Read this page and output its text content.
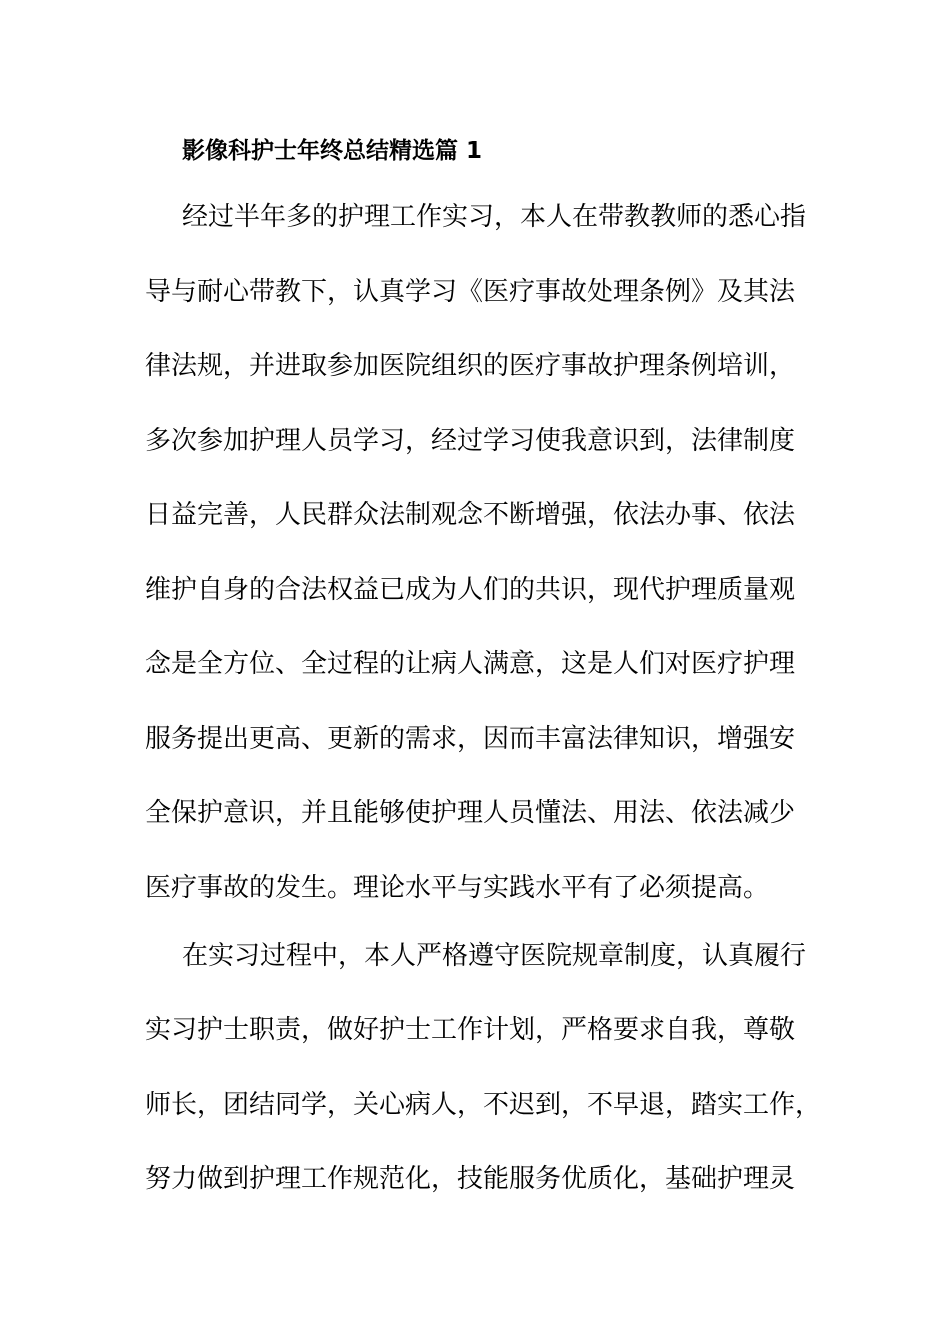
影像科护士年终总结精选篇 1
经过半年多的护理工作实习，本人在带教教师的悉心指
导与耐心带教下，认真学习《医疗事故处理条例》及其法
律法规，并进取参加医院组织的医疗事故护理条例培训，
多次参加护理人员学习，经过学习使我意识到，法律制度
日益完善，人民群众法制观念不断增强，依法办事、依法
维护自身的合法权益已成为人们的共识，现代护理质量观
念是全方位、全过程的让病人满意，这是人们对医疗护理
服务提出更高、更新的需求，因而丰富法律知识，增强安
全保护意识，并且能够使护理人员懂法、用法、依法减少
医疗事故的发生。理论水平与实践水平有了必须提高。
在实习过程中，本人严格遵守医院规章制度，认真履行
实习护士职责，做好护士工作计划，严格要求自我，尊敬
师长，团结同学，关心病人，不迟到，不早退，踏实工作，
努力做到护理工作规范化，技能服务优质化，基础护理灵
